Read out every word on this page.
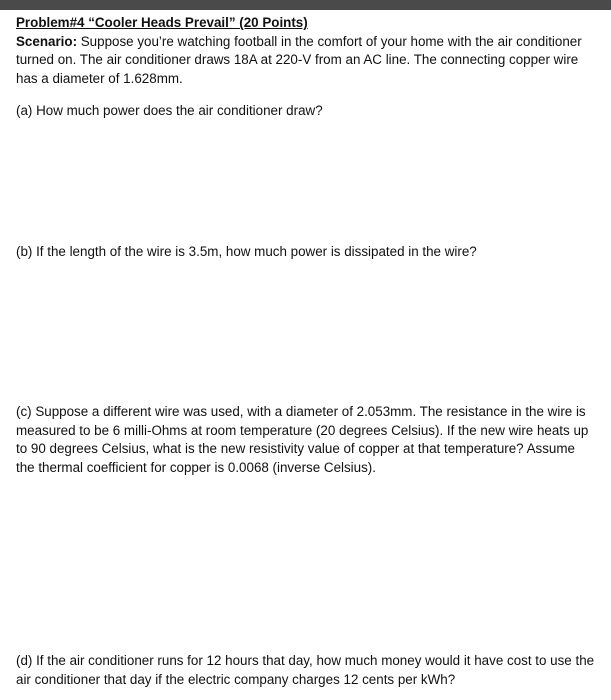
Problem#4 “Cooler Heads Prevail” (20 Points)

Scenario: Suppose you’re watching football in the comfort of your home with the air conditioner turned on. The air conditioner draws 18A at 220-V from an AC line. The connecting copper wire has a diameter of 1.628mm.

(a) How much power does the air conditioner draw?

(b) If the length of the wire is 3.5m, how much power is dissipated in the wire?

(c) Suppose a different wire was used, with a diameter of 2.053mm. The resistance in the wire is measured to be 6 milli-Ohms at room temperature (20 degrees Celsius). If the new wire heats up to 90 degrees Celsius, what is the new resistivity value of copper at that temperature? Assume the thermal coefficient for copper is 0.0068 (inverse Celsius).

(d) If the air conditioner runs for 12 hours that day, how much money would it have cost to use the air conditioner that day if the electric company charges 12 cents per kWh?
